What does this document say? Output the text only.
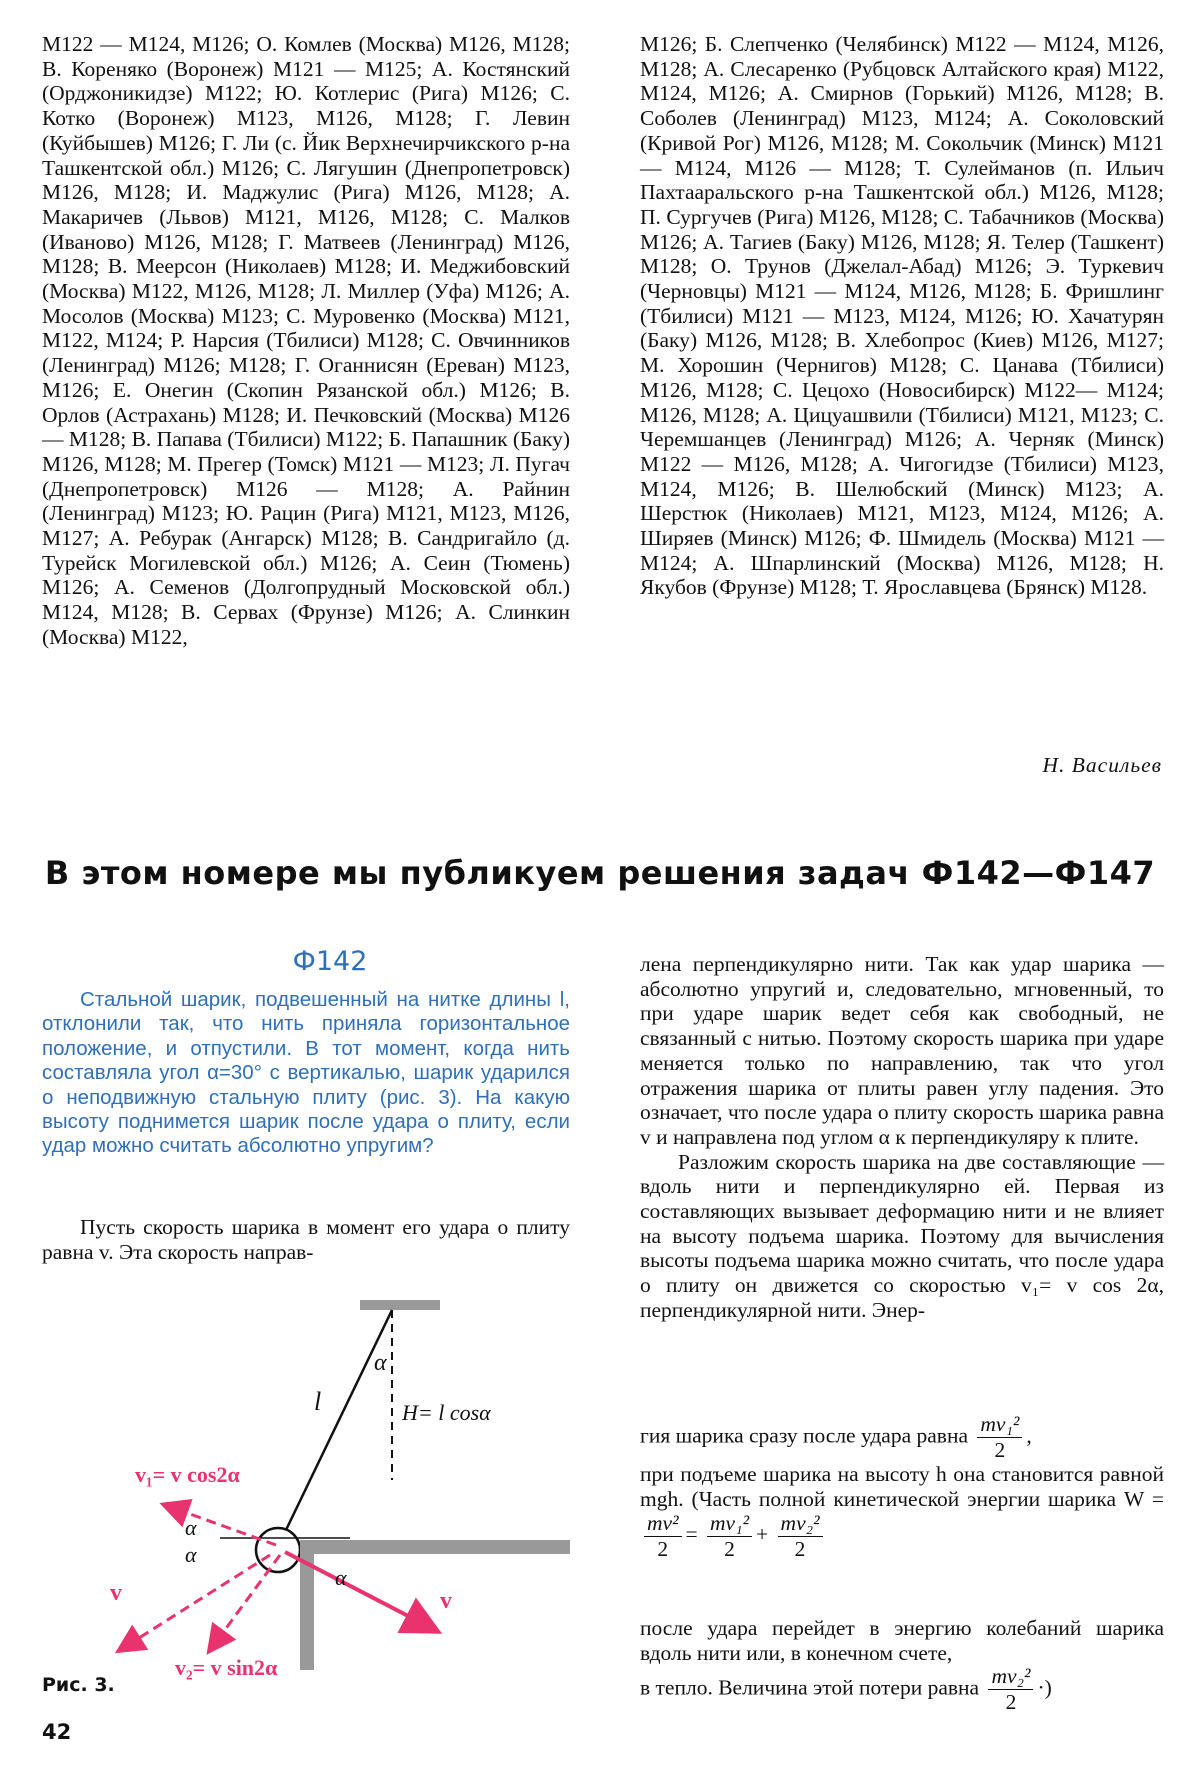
М122 — М124, М126; О. Комлев (Москва) М126, М128; В. Кореняко (Воронеж) М121 — М125; А. Костянский (Орджоникидзе) М122; Ю. Котлерис (Рига) М126; С. Котко (Воронеж) М123, М126, М128; Г. Левин (Куйбышев) М126; Г. Ли (с. Йик Верхнечирчикского р-на Ташкентской обл.) М126; С. Лягушин (Днепропетровск) М126, М128; И. Маджулис (Рига) М126, М128; А. Макаричев (Львов) М121, М126, М128; С. Малков (Иваново) М126, М128; Г. Матвеев (Ленинград) М126, М128; В. Меерсон (Николаев) М128; И. Меджибовский (Москва) М122, М126, М128; Л. Миллер (Уфа) М126; А. Мосолов (Москва) М123; С. Муровенко (Москва) М121, М122, М124; Р. Нарсия (Тбилиси) М128; С. Овчинников (Ленинград) М126; М128; Г. Оганнисян (Ереван) М123, М126; Е. Онегин (Скопин Рязанской обл.) М126; В. Орлов (Астрахань) М128; И. Печковский (Москва) М126 — М128; В. Папава (Тбилиси) М122; Б. Папашник (Баку) М126, М128; М. Прегер (Томск) М121 — М123; Л. Пугач (Днепропетровск) М126 — М128; А. Райнин (Ленинград) М123; Ю. Рацин (Рига) М121, М123, М126, М127; А. Ребурак (Ангарск) М128; В. Сандригайло (д. Турейск Могилевской обл.) М126; А. Сеин (Тюмень) М126; А. Семенов (Долгопрудный Московской обл.) М124, М128; В. Серваx (Фрунзе) М126; А. Слинкин (Москва) М122,

М126; Б. Слепченко (Челябинск) М122 — М124, М126, М128; А. Слесаренко (Рубцовск Алтайского края) М122, М124, М126; А. Смирнов (Горький) М126, М128; В. Соболев (Ленинград) М123, М124; А. Соколовский (Кривой Рог) М126, М128; М. Сокольчик (Минск) М121 — М124, М126 — М128; Т. Сулейманов (п. Ильич Пахтааральского р-на Ташкентской обл.) М126, М128; П. Сургучев (Рига) М126, М128; С. Табачников (Москва) М126; А. Тагиев (Баку) М126, М128; Я. Телер (Ташкент) М128; О. Трунов (Джелал-Абад) М126; Э. Туркевич (Черновцы) М121 — М124, М126, М128; Б. Фришлинг (Тбилиси) М121 — М123, М124, М126; Ю. Хачатурян (Баку) М126, М128; В. Хлебопрос (Киев) М126, М127; М. Хорошин (Чернигов) М128; С. Цанава (Тбилиси) М126, М128; С. Цецохо (Новосибирск) М122— М124; М126, М128; А. Цицуашвили (Тбилиси) М121, М123; С. Черемшанцев (Ленинград) М126; А. Черняк (Минск) М122 — М126, М128; А. Чигогидзе (Тбилиси) М123, М124, М126; В. Шелюбский (Минск) М123; А. Шерстюк (Николаев) М121, М123, М124, М126; А. Ширяев (Минск) М126; Ф. Шмидель (Москва) М121 — М124; А. Шпарлинский (Москва) М126, М128; Н. Якубов (Фрунзе) М128; Т. Ярославцева (Брянск) М128.

Н. Васильев
В этом номере мы публикуем решения задач Ф142—Ф147
Ф142
Стальной шарик, подвешенный на нитке длины l, отклонили так, что нить приняла горизонтальное положение, и отпустили. В тот момент, когда нить составляла угол α=30° с вертикалью, шарик ударился о неподвижную стальную плиту (рис. 3). На какую высоту поднимется шарик после удара о плиту, если удар можно считать абсолютно упругим?
Пусть скорость шарика в момент его удара о плиту равна v. Эта скорость направ-

лена перпендикулярно нити. Так как удар шарика — абсолютно упругий и, следовательно, мгновенный, то при ударе шарик ведет себя как свободный, не связанный с нитью. Поэтому скорость шарика при ударе меняется только по направлению, так что угол отражения шарика от плиты равен углу падения. Это означает, что после удара о плиту скорость шарика равна v и направлена под углом α к перпендикуляру к плите.

Разложим скорость шарика на две составляющие — вдоль нити и перпендикулярно ей. Первая из составляющих вызывает деформацию нити и не влияет на высоту подъема шарика. Поэтому для вычисления высоты подъема шарика можно считать, что после удара о плиту он движется со скоростью v₁= v cos 2α, перпендикулярной нити. Энер-

гия шарика сразу после удара равна $\frac{\text{mv₁²}}{2}$ ,
при подъеме шарика на высоту h она становится равной mgh. (Часть полной кинетической энергии шарика W =
$\frac{\text{mv²}}{2} = \frac{\text{mv₁²}}{2} + \frac{\text{mv₂²}}{2}$
после удара перейдет в энергию колебаний шарика вдоль нити или, в конечном счете,
в тепло. Величина этой потери равна $\frac{\text{mv₂²}}{2}$ ·)
l
α
H= l cosα
v₁= v cos2α
v₂= v sin2α
v	v
α
α
α
Рис. 3.
42
